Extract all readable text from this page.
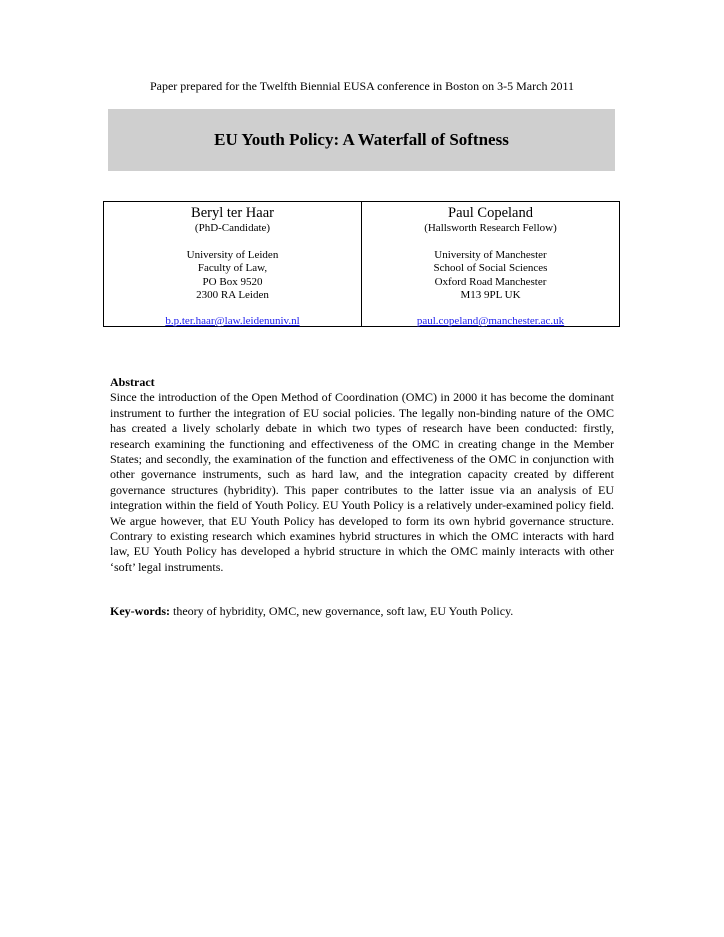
Paper prepared for the Twelfth Biennial EUSA conference in Boston on 3-5 March 2011
EU Youth Policy: A Waterfall of Softness
Beryl ter Haar
(PhD-Candidate)
University of Leiden
Faculty of Law,
PO Box 9520
2300 RA Leiden
b.p.ter.haar@law.leidenuniv.nl
Paul Copeland
(Hallsworth Research Fellow)
University of Manchester
School of Social Sciences
Oxford Road Manchester
M13 9PL UK
paul.copeland@manchester.ac.uk
Abstract

Since the introduction of the Open Method of Coordination (OMC) in 2000 it has become the dominant instrument to further the integration of EU social policies. The legally non-binding nature of the OMC has created a lively scholarly debate in which two types of research have been conducted: firstly, research examining the functioning and effectiveness of the OMC in creating change in the Member States; and secondly, the examination of the function and effectiveness of the OMC in conjunction with other governance instruments, such as hard law, and the integration capacity created by different governance structures (hybridity). This paper contributes to the latter issue via an analysis of EU integration within the field of Youth Policy. EU Youth Policy is a relatively under-examined policy field. We argue however, that EU Youth Policy has developed to form its own hybrid governance structure. Contrary to existing research which examines hybrid structures in which the OMC interacts with hard law, EU Youth Policy has developed a hybrid structure in which the OMC mainly interacts with other ‘soft’ legal instruments.

Key-words: theory of hybridity, OMC, new governance, soft law, EU Youth Policy.
